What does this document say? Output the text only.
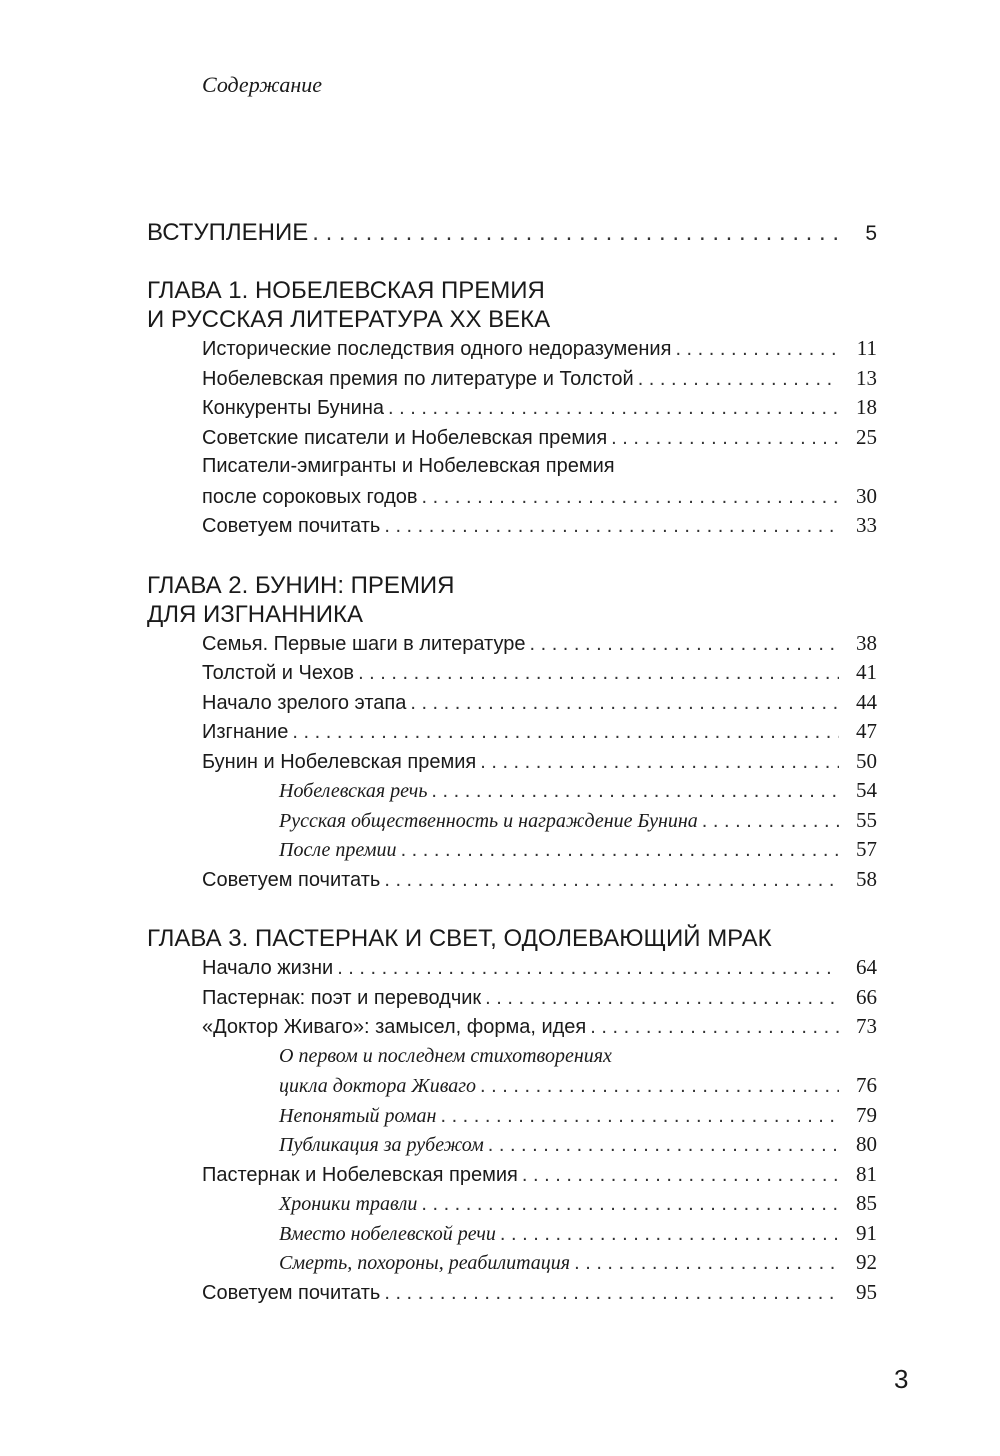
Содержание
ВСТУПЛЕНИЕ . . .	5
ГЛАВА 1. НОБЕЛЕВСКАЯ ПРЕМИЯ
И РУССКАЯ ЛИТЕРАТУРА XX ВЕКА
Исторические последствия одного недоразумения . . .	11
Нобелевская премия по литературе и Толстой . . .	13
Конкуренты Бунина . . .	18
Советские писатели и Нобелевская премия . . .	25
Писатели-эмигранты и Нобелевская премия
после сороковых годов . . .	30
Советуем почитать . . .	33
ГЛАВА 2. БУНИН: ПРЕМИЯ
ДЛЯ ИЗГНАННИКА
Семья. Первые шаги в литературе . . .	38
Толстой и Чехов . . .	41
Начало зрелого этапа . . .	44
Изгнание . . .	47
Бунин и Нобелевская премия . . .	50
Нобелевская речь . . .	54
Русская общественность и награждение Бунина . . .	55
После премии . . .	57
Советуем почитать . . .	58
ГЛАВА 3. ПАСТЕРНАК И СВЕТ, ОДОЛЕВАЮЩИЙ МРАК
Начало жизни . . .	64
Пастернак: поэт и переводчик . . .	66
«Доктор Живаго»: замысел, форма, идея . . .	73
О первом и последнем стихотворениях
цикла доктора Живаго . . .	76
Непонятый роман . . .	79
Публикация за рубежом . . .	80
Пастернак и Нобелевская премия . . .	81
Хроники травли . . .	85
Вместо нобелевской речи . . .	91
Смерть, похороны, реабилитация . . .	92
Советуем почитать . . .	95
3
